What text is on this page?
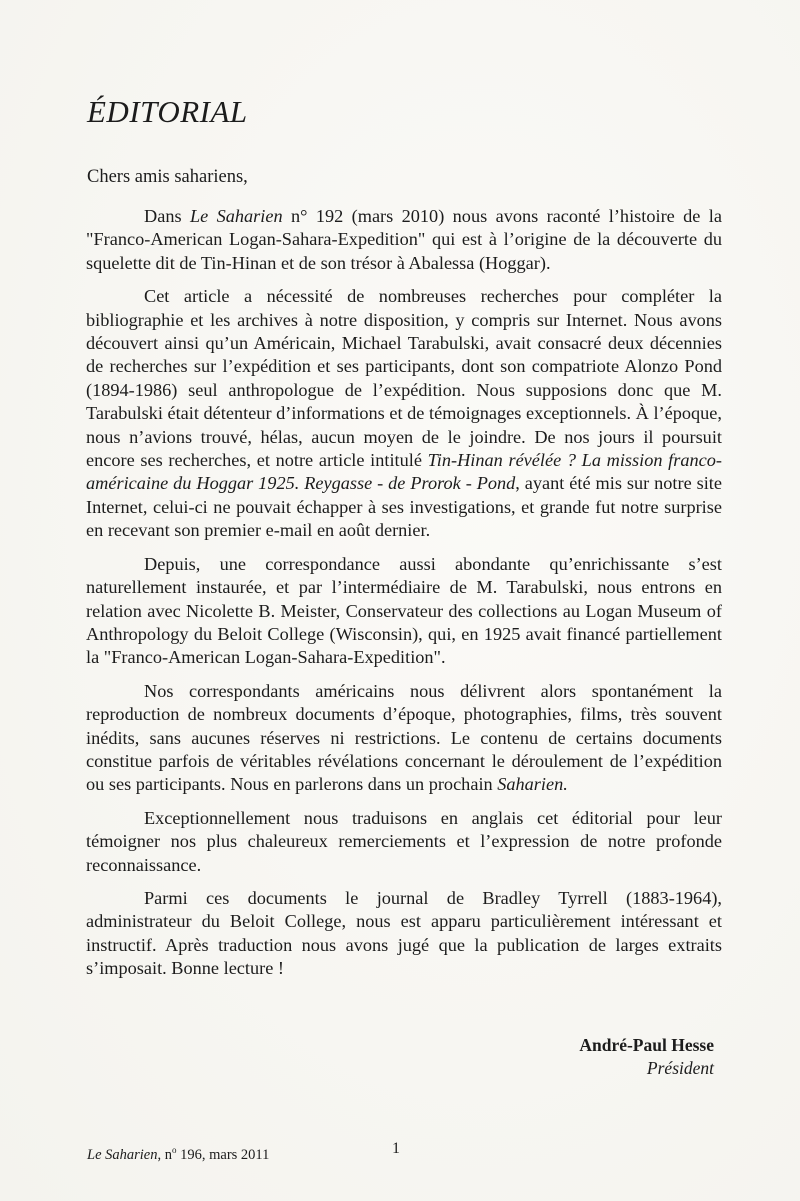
ÉDITORIAL

Chers amis sahariens,

Dans Le Saharien n° 192 (mars 2010) nous avons raconté l’histoire de la "Franco-American Logan-Sahara-Expedition" qui est à l’origine de la découverte du squelette dit de Tin-Hinan et de son trésor à Abalessa (Hoggar).

Cet article a nécessité de nombreuses recherches pour compléter la bibliographie et les archives à notre disposition, y compris sur Internet. Nous avons découvert ainsi qu’un Américain, Michael Tarabulski, avait consacré deux décennies de recherches sur l’expédition et ses participants, dont son compatriote Alonzo Pond (1894-1986) seul anthropologue de l’expédition. Nous supposions donc que M. Tarabulski était détenteur d’informations et de témoignages exceptionnels. À l’époque, nous n’avions trouvé, hélas, aucun moyen de le joindre. De nos jours il poursuit encore ses recherches, et notre article intitulé Tin-Hinan révélée ? La mission franco-américaine du Hoggar 1925. Reygasse - de Prorok - Pond, ayant été mis sur notre site Internet, celui-ci ne pouvait échapper à ses investigations, et grande fut notre surprise en recevant son premier e-mail en août dernier.

Depuis, une correspondance aussi abondante qu’enrichissante s’est naturellement instaurée, et par l’intermédiaire de M. Tarabulski, nous entrons en relation avec Nicolette B. Meister, Conservateur des collections au Logan Museum of Anthropology du Beloit College (Wisconsin), qui, en 1925 avait financé partiellement la "Franco-American Logan-Sahara-Expedition".

Nos correspondants américains nous délivrent alors spontanément la reproduction de nombreux documents d’époque, photographies, films, très souvent inédits, sans aucunes réserves ni restrictions. Le contenu de certains documents constitue parfois de véritables révélations concernant le déroulement de l’expédition ou ses participants. Nous en parlerons dans un prochain Saharien.

Exceptionnellement nous traduisons en anglais cet éditorial pour leur témoigner nos plus chaleureux remerciements et l’expression de notre profonde reconnaissance.

Parmi ces documents le journal de Bradley Tyrrell (1883-1964), administrateur du Beloit College, nous est apparu particulièrement intéressant et instructif. Après traduction nous avons jugé que la publication de larges extraits s’imposait. Bonne lecture !

André-Paul Hesse
Président
Le Saharien, $n^o$ 196, mars 2011	1
